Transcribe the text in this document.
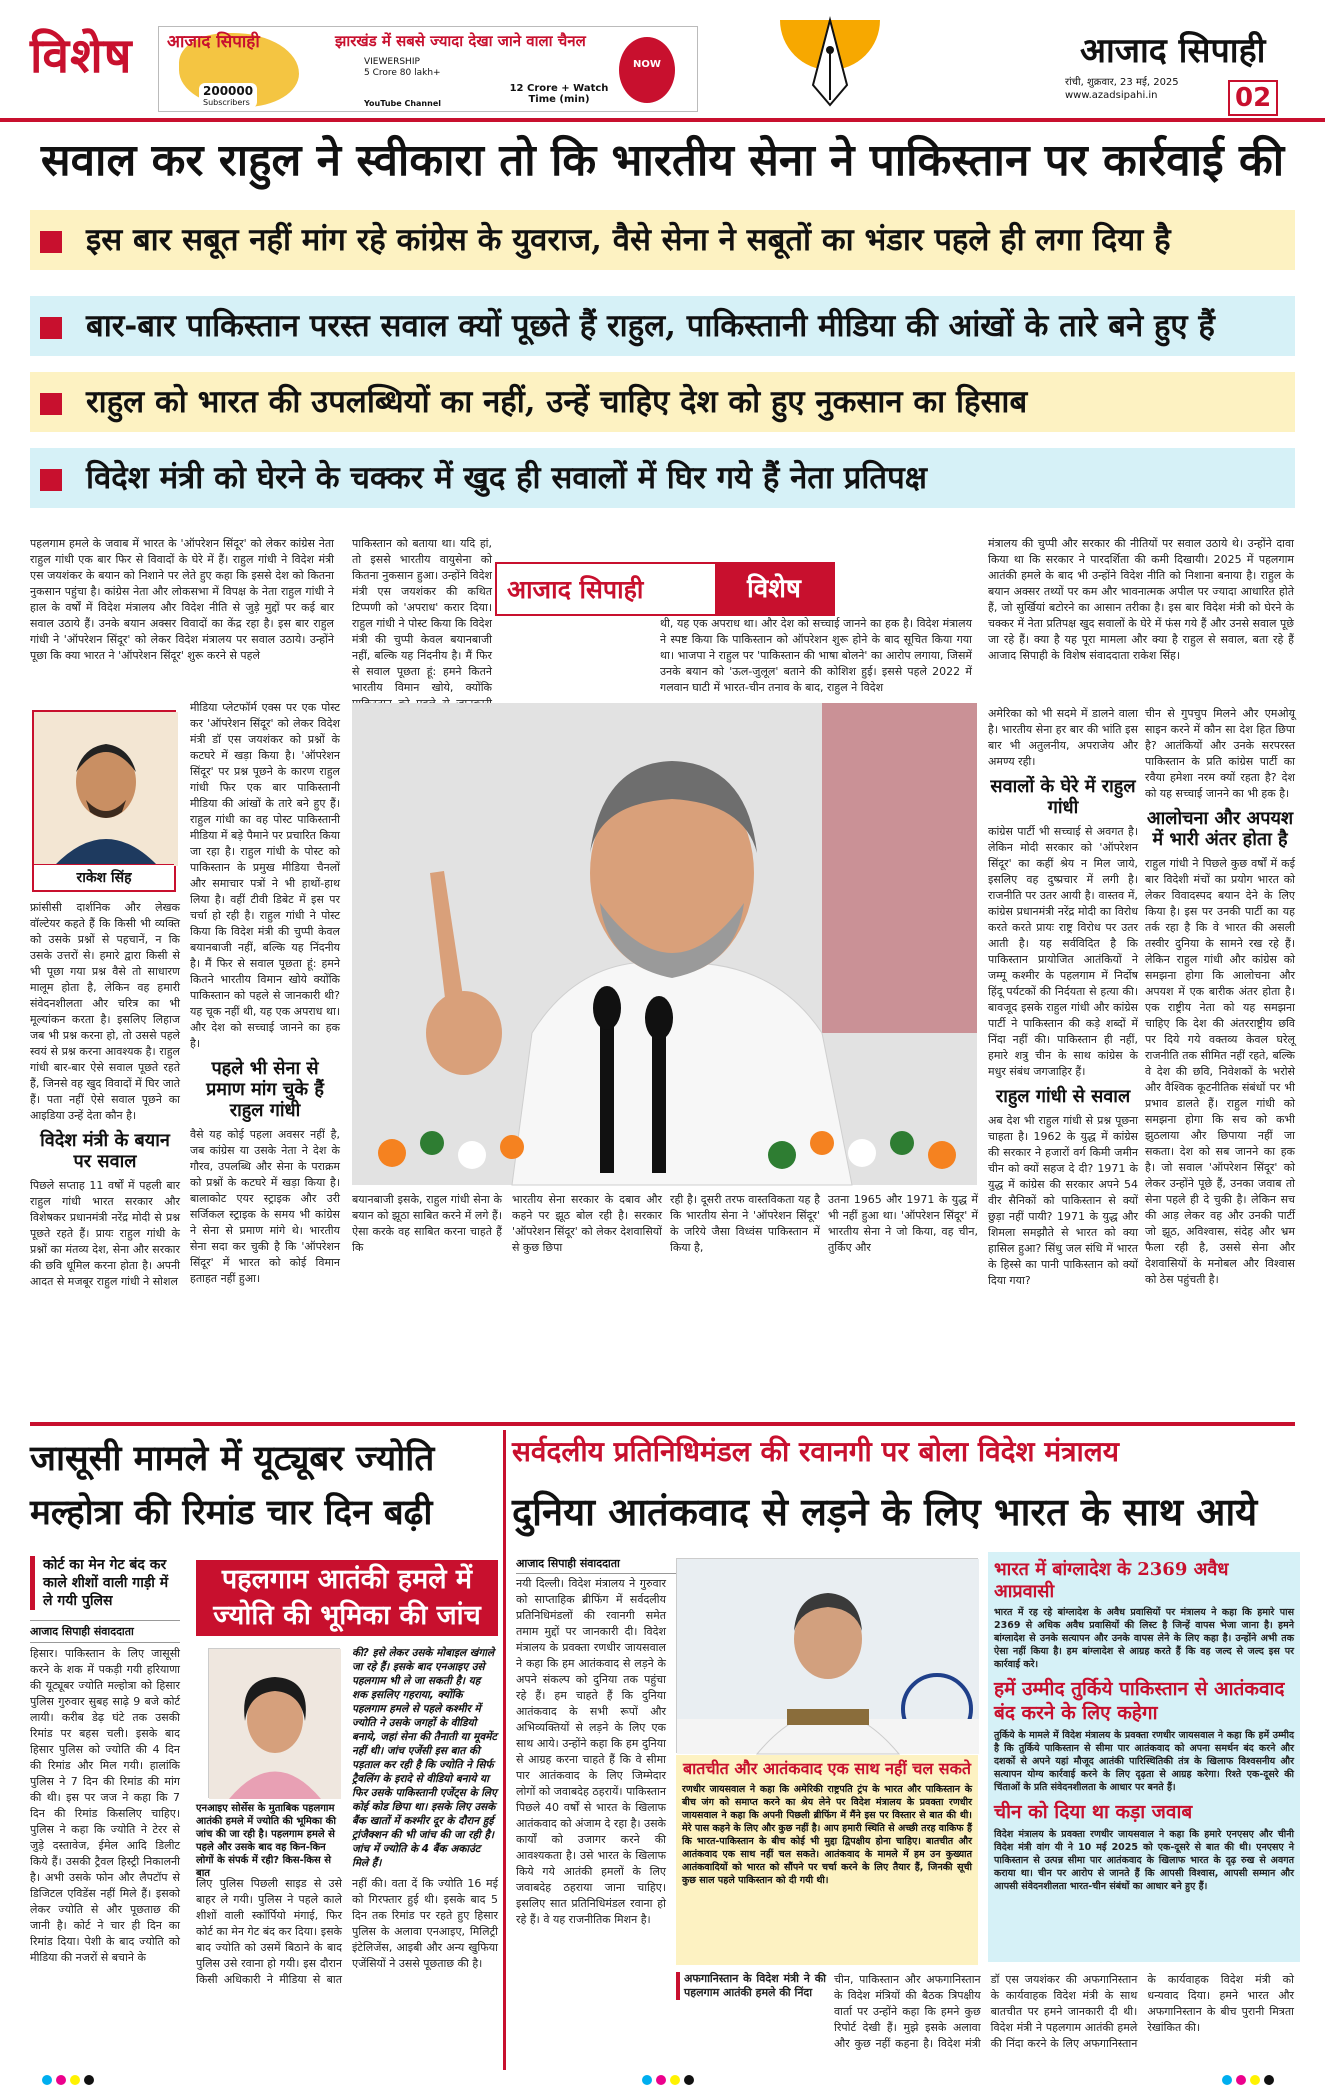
विशेष आजाद सिपाही	झारखंड में सबसे ज्यादा देखा जाने वाला चैनल
VIEWERSHIP
5 Crore 80 lakh+
12 Crore + Watch Time (min)
200000
Subscribers	YouTube Channel
NOW	आजाद सिपाही
रांची, शुक्रवार, 23 मई, 2025
www.azadsipahi.in	02
सवाल कर राहुल ने स्वीकारा तो कि भारतीय सेना ने पाकिस्तान पर कार्रवाई की
इस बार सबूत नहीं मांग रहे कांग्रेस के युवराज, वैसे सेना ने सबूतों का भंडार पहले ही लगा दिया है
बार-बार पाकिस्तान परस्त सवाल क्यों पूछते हैं राहुल, पाकिस्तानी मीडिया की आंखों के तारे बने हुए हैं
राहुल को भारत की उपलब्धियों का नहीं, उन्हें चाहिए देश को हुए नुकसान का हिसाब
विदेश मंत्री को घेरने के चक्कर में खुद ही सवालों में घिर गये हैं नेता प्रतिपक्ष
पहलगाम हमले के जवाब में भारत के 'ऑपरेशन सिंदूर' को लेकर कांग्रेस नेता राहुल गांधी एक बार फिर से विवादों के घेरे में हैं। राहुल गांधी ने विदेश मंत्री एस जयशंकर के बयान को निशाने पर लेते हुए कहा कि इससे देश को कितना नुकसान पहुंचा है। कांग्रेस नेता और लोकसभा में विपक्ष के नेता राहुल गांधी ने हाल के वर्षों में विदेश मंत्रालय और विदेश नीति से जुड़े मुद्दों पर कई बार सवाल उठाये हैं। उनके बयान अक्सर विवादों का केंद्र रहा है। इस बार राहुल गांधी ने 'ऑपरेशन सिंदूर' को लेकर विदेश मंत्रालय पर सवाल उठाये। उन्होंने पूछा कि क्या भारत ने 'ऑपरेशन सिंदूर' शुरू करने से पहले
पाकिस्तान को बताया था। यदि हां, तो इससे भारतीय वायुसेना को कितना नुकसान हुआ। उन्होंने विदेश मंत्री एस जयशंकर की कथित टिप्पणी को 'अपराध' करार दिया। राहुल गांधी ने पोस्ट किया कि विदेश मंत्री की चुप्पी केवल बयानबाजी नहीं, बल्कि यह निंदनीय है। मैं फिर से सवाल पूछता हूं: हमने कितने भारतीय विमान खोये, क्योंकि
थी, यह एक अपराध था। और देश को सच्चाई जानने का हक है। विदेश मंत्रालय ने स्पष्ट किया कि पाकिस्तान को ऑपरेशन शुरू होने के बाद सूचित किया गया था। भाजपा ने राहुल पर 'पाकिस्तान की भाषा बोलने' का आरोप लगाया, जिसमें उनके बयान को 'ऊल-जुलूल' बताने की कोशिश हुई। इससे पहले 2022 में गलवान घाटी में भारत-चीन तनाव के बाद, राहुल ने विदेश
मंत्रालय की चुप्पी और सरकार की नीतियों पर सवाल उठाये थे। उन्होंने दावा किया था कि सरकार ने पारदर्शिता की कमी दिखायी। 2025 में पहलगाम आतंकी हमले के बाद भी उन्होंने विदेश नीति को निशाना बनाया है। राहुल के बयान अक्सर तथ्यों पर कम और भावनात्मक अपील पर ज्यादा आधारित होते हैं, जो सुर्खियां बटोरने का आसान तरीका है। इस बार विदेश मंत्री को घेरने के चक्कर में नेता प्रतिपक्ष खुद सवालों के घेरे में फंस गये हैं और उनसे सवाल पूछे जा रहे हैं। क्या है यह पूरा मामला और क्या है राहुल से सवाल, बता रहे हैं आजाद सिपाही के विशेष संवाददाता राकेश सिंह।
आजाद सिपाही	विशेष
राकेश सिंह

फ्रांसीसी दार्शनिक और लेखक वॉल्टेयर कहते हैं कि किसी भी व्यक्ति को उसके प्रश्नों से पहचानें, न कि उसके उत्तरों से। हमारे द्वारा किसी से भी पूछा गया प्रश्न वैसे तो साधारण मालूम होता है, लेकिन वह हमारी संवेदनशीलता और चरित्र का भी मूल्यांकन करता है। इसलिए लिहाज जब भी प्रश्न करना हो, तो उससे पहले स्वयं से प्रश्न करना आवश्यक है। राहुल गांधी बार-बार ऐसे सवाल पूछते रहते हैं, जिनसे वह खुद विवादों में घिर जाते हैं। पता नहीं ऐसे सवाल पूछने का आइडिया उन्हें देता कौन है।

विदेश मंत्री के बयान पर सवाल

पिछले सप्ताह 11 वर्षों में पहली बार राहुल गांधी भारत सरकार और विशेषकर प्रधानमंत्री नरेंद्र मोदी से प्रश्न पूछते रहते हैं। प्रायः राहुल गांधी के प्रश्नों का मंतव्य देश, सेना और सरकार की छवि धूमिल करना होता है। अपनी आदत से मजबूर राहुल गांधी ने सोशल

मीडिया प्लेटफॉर्म एक्स पर एक पोस्ट कर 'ऑपरेशन सिंदूर' को लेकर विदेश मंत्री डॉ एस जयशंकर को प्रश्नों के कटघरे में खड़ा किया है। 'ऑपरेशन सिंदूर' पर प्रश्न पूछने के कारण राहुल गांधी फिर एक बार पाकिस्तानी मीडिया की आंखों के तारे बने हुए हैं। राहुल गांधी का वह पोस्ट पाकिस्तानी मीडिया में बड़े पैमाने पर प्रचारित किया जा रहा है। राहुल गांधी के पोस्ट को पाकिस्तान के प्रमुख मीडिया चैनलों और समाचार पत्रों ने भी हाथों-हाथ लिया है। वहीं टीवी डिबेट में इस पर चर्चा हो रही है। राहुल गांधी ने पोस्ट किया कि विदेश मंत्री की चुप्पी केवल बयानबाजी नहीं, बल्कि यह निंदनीय है। मैं फिर से सवाल पूछता हूं: हमने कितने भारतीय विमान खोये क्योंकि पाकिस्तान को पहले से जानकारी थी? यह चूक नहीं थी, यह एक अपराध था। और देश को सच्चाई जानने का हक है।

पहले भी सेना से प्रमाण मांग चुके हैं राहुल गांधी

वैसे यह कोई पहला अवसर नहीं है, जब कांग्रेस या उसके नेता ने देश के गौरव, उपलब्धि और सेना के पराक्रम को प्रश्नों के कटघरे में खड़ा किया है। बालाकोट एयर स्ट्राइक और उरी सर्जिकल स्ट्राइक के समय भी कांग्रेस ने सेना से प्रमाण मांगे थे। भारतीय सेना सदा कर चुकी है कि 'ऑपरेशन सिंदूर' में भारत को कोई विमान हताहत नहीं हुआ।

बयानबाजी इसके, राहुल गांधी सेना के बयान को झूठा साबित करने में लगे हैं। ऐसा करके वह साबित करना चाहते हैं कि
भारतीय सेना सरकार के दबाव और कहने पर झूठ बोल रही है। सरकार 'ऑपरेशन सिंदूर' को लेकर देशवासियों से कुछ छिपा
रही है। दूसरी तरफ वास्तविकता यह है कि भारतीय सेना ने 'ऑपरेशन सिंदूर' के जरिये जैसा विध्वंस पाकिस्तान में किया है,
उतना 1965 और 1971 के युद्ध में भी नहीं हुआ था। 'ऑपरेशन सिंदूर' में भारतीय सेना ने जो किया, वह चीन, तुर्किए और

अमेरिका को भी सदमे में डालने वाला है। भारतीय सेना हर बार की भांति इस बार भी अतुलनीय, अपराजेय और अमण्य रही।

सवालों के घेरे में राहुल गांधी

कांग्रेस पार्टी भी सच्चाई से अवगत है। लेकिन मोदी सरकार को 'ऑपरेशन सिंदूर' का कहीं श्रेय न मिल जाये, इसलिए वह दुष्प्रचार में लगी है। राजनीति पर उतर आयी है। वास्तव में, कांग्रेस प्रधानमंत्री नरेंद्र मोदी का विरोध करते करते प्रायः राष्ट्र विरोध पर उतर आती है। यह सर्वविदित है कि पाकिस्तान प्रायोजित आतंकियों ने जम्मू कश्मीर के पहलगाम में निर्दोष हिंदू पर्यटकों की निर्दयता से हत्या की। बावजूद इसके राहुल गांधी और कांग्रेस पार्टी ने पाकिस्तान की कड़े शब्दों में निंदा नहीं की। पाकिस्तान ही नहीं, हमारे शत्रु चीन के साथ कांग्रेस के मधुर संबंध जगजाहिर हैं।

राहुल गांधी से सवाल

अब देश भी राहुल गांधी से प्रश्न पूछना चाहता है। 1962 के युद्ध में कांग्रेस की सरकार ने हजारों वर्ग किमी जमीन चीन को क्यों सहज दे दी? 1971 के युद्ध में कांग्रेस की सरकार अपने 54 वीर सैनिकों को पाकिस्तान से क्यों छुड़ा नहीं पायी? 1971 के युद्ध और शिमला समझौते से भारत को क्या हासिल हुआ? सिंधु जल संधि में भारत के हिस्से का पानी पाकिस्तान को क्यों दिया गया?

चीन से गुपचुप मिलने और एमओयू साइन करने में कौन सा देश हित छिपा है? आतंकियों और उनके सरपरस्त पाकिस्तान के प्रति कांग्रेस पार्टी का रवैया हमेशा नरम क्यों रहता है? देश को यह सच्चाई जानने का भी हक है।

आलोचना और अपयश में भारी अंतर होता है

राहुल गांधी ने पिछले कुछ वर्षों में कई बार विदेशी मंचों का प्रयोग भारत को लेकर विवादस्पद बयान देने के लिए किया है। इस पर उनकी पार्टी का यह तर्क रहा है कि वे भारत की असली तस्वीर दुनिया के सामने रख रहे हैं। लेकिन राहुल गांधी और कांग्रेस को समझना होगा कि आलोचना और अपयश में एक बारीक अंतर होता है। एक राष्ट्रीय नेता को यह समझना चाहिए कि देश की अंतरराष्ट्रीय छवि पर दिये गये वक्तव्य केवल घरेलू राजनीति तक सीमित नहीं रहते, बल्कि वे देश की छवि, निवेशकों के भरोसे और वैश्विक कूटनीतिक संबंधों पर भी प्रभाव डालते हैं। राहुल गांधी को समझना होगा कि सच को कभी झुठलाया और छिपाया नहीं जा सकता। देश को सब जानने का हक है। जो सवाल 'ऑपरेशन सिंदूर' को लेकर उन्होंने पूछे हैं, उनका जवाब तो सेना पहले ही दे चुकी है। लेकिन सच की आड़ लेकर वह और उनकी पार्टी जो झूठ, अविश्वास, संदेह और भ्रम फैला रही है, उससे सेना और देशवासियों के मनोबल और विश्वास को ठेस पहुंचती है।

जासूसी मामले में यूट्यूबर ज्योति
मल्होत्रा की रिमांड चार दिन बढ़ी
कोर्ट का मेन गेट बंद कर काले शीशों वाली गाड़ी में ले गयी पुलिस
आजाद सिपाही संवाददाता
हिसार। पाकिस्तान के लिए जासूसी करने के शक में पकड़ी गयी हरियाणा की यूट्यूबर ज्योति मल्होत्रा को हिसार पुलिस गुरुवार सुबह साढ़े 9 बजे कोर्ट लायी। करीब डेढ़ घंटे तक उसकी रिमांड पर बहस चली। इसके बाद हिसार पुलिस को ज्योति की 4 दिन की रिमांड और मिल गयी। हालांकि पुलिस ने 7 दिन की रिमांड की मांग की थी। इस पर जज ने कहा कि 7 दिन की रिमांड किसलिए चाहिए। पुलिस ने कहा कि ज्योति ने टेरर से जुड़े दस्तावेज, ईमेल आदि डिलीट किये हैं। उसकी ट्रैवल हिस्ट्री निकालनी है। अभी उसके फोन और लैपटॉप से डिजिटल एविडेंस नहीं मिले हैं। इसको लेकर ज्योति से और पूछताछ की जानी है। कोर्ट ने चार ही दिन का रिमांड दिया। पेशी के बाद ज्योति को मीडिया की नजरों से बचाने के
पहलगाम आतंकी हमले में ज्योति की भूमिका की जांच
एनआइए सोर्सेस के मुताबिक पहलगाम आतंकी हमले में ज्योति की भूमिका की जांच की जा रही है। पहलगाम हमले से पहले और उसके बाद वह किन-किन लोगों के संपर्क में रही? किस-किस से बात
की? इसे लेकर उसके मोबाइल खंगाले जा रहे हैं। इसके बाद एनआइए उसे पहलगाम भी ले जा सकती है। यह शक इसलिए गहराया, क्योंकि पहलगाम हमले से पहले कश्मीर में ज्योति ने उसके जगहों के वीडियो बनाये, जहां सेना की तैनाती या मूवमेंट नहीं थी। जांच एजेंसी इस बात की पड़ताल कर रही है कि ज्योति ने सिर्फ ट्रैवलिंग के इरादे से वीडियो बनाये या फिर उसके पाकिस्तानी एजेंट्स के लिए कोई कोड छिपा था। इसके लिए उसके बैंक खातों में कश्मीर दूर के दौरान हुई ट्रांजैक्शन की भी जांच की जा रही है। जांच में ज्योति के 4 बैंक अकाउंट मिले हैं।
लिए पुलिस पिछली साइड से उसे बाहर ले गयी। पुलिस ने पहले काले शीशों वाली स्कॉर्पियो मंगाई, फिर कोर्ट का मेन गेट बंद कर दिया। इसके बाद ज्योति को उसमें बिठाने के बाद पुलिस उसे रवाना हो गयी। इस दौरान किसी अधिकारी ने मीडिया से बात नहीं की। वता दें कि ज्योति 16 मई को गिरफ्तार हुई थी। इसके बाद 5 दिन तक रिमांड पर रहते हुए हिसार पुलिस के अलावा एनआइए, मिलिट्री इंटेलिजेंस, आइबी और अन्य खुफिया एजेंसियों ने उससे पूछताछ की है।
सर्वदलीय प्रतिनिधिमंडल की रवानगी पर बोला विदेश मंत्रालय
दुनिया आतंकवाद से लड़ने के लिए भारत के साथ आये
आजाद सिपाही संवाददाता
नयी दिल्ली। विदेश मंत्रालय ने गुरुवार को साप्ताहिक ब्रीफिंग में सर्वदलीय प्रतिनिधिमंडलों की रवानगी समेत तमाम मुद्दों पर जानकारी दी। विदेश मंत्रालय के प्रवक्ता रणधीर जायसवाल ने कहा कि हम आतंकवाद से लड़ने के अपने संकल्प को दुनिया तक पहुंचा रहे हैं। हम चाहते हैं कि दुनिया आतंकवाद के सभी रूपों और अभिव्यक्तियों से लड़ने के लिए एक साथ आये। उन्होंने कहा कि हम दुनिया से आग्रह करना चाहते हैं कि वे सीमा पार आतंकवाद के लिए जिम्मेदार लोगों को जवाबदेह ठहरायें। पाकिस्तान पिछले 40 वर्षों से भारत के खिलाफ आतंकवाद को अंजाम दे रहा है। उसके कार्यों को उजागर करने की आवश्यकता है। उसे भारत के खिलाफ किये गये आतंकी हमलों के लिए जवाबदेह ठहराया जाना चाहिए। इसलिए सात प्रतिनिधिमंडल रवाना हो रहे हैं। वे यह राजनीतिक मिशन है।
बातचीत और आतंकवाद एक साथ नहीं चल सकते
रणधीर जायसवाल ने कहा कि अमेरिकी राष्ट्रपति ट्रंप के भारत और पाकिस्तान के बीच जंग को समाप्त करने का श्रेय लेने पर विदेश मंत्रालय के प्रवक्ता रणधीर जायसवाल ने कहा कि अपनी पिछली ब्रीफिंग में मैंने इस पर विस्तार से बात की थी। मेरे पास कहने के लिए और कुछ नहीं है। आप हमारी स्थिति से अच्छी तरह वाकिफ हैं कि भारत-पाकिस्तान के बीच कोई भी मुद्दा द्विपक्षीय होना चाहिए। बातचीत और आतंकवाद एक साथ नहीं चल सकते। आतंकवाद के मामले में हम उन कुख्यात आतंकवादियों को भारत को सौंपने पर चर्चा करने के लिए तैयार हैं, जिनकी सूची कुछ साल पहले पाकिस्तान को दी गयी थी।
भारत में बांग्लादेश के 2369 अवैध आप्रवासी

भारत में रह रहे बांग्लादेश के अवैध प्रवासियों पर मंत्रालय ने कहा कि हमारे पास 2369 से अधिक अवैध प्रवासियों की लिस्ट है जिन्हें वापस भेजा जाना है। हमने बांग्लादेश से उनके सत्यापन और उनके वापस लेने के लिए कहा है। उन्होंने अभी तक ऐसा नहीं किया है। हम बांग्लादेश से आग्रह करते हैं कि वह जल्द से जल्द इस पर कार्रवाई करे।

हमें उम्मीद तुर्किये पाकिस्तान से आतंकवाद बंद करने के लिए कहेगा

तुर्किये के मामले में विदेश मंत्रालय के प्रवक्ता रणधीर जायसवाल ने कहा कि हमें उम्मीद है कि तुर्किये पाकिस्तान से सीमा पार आतंकवाद को अपना समर्थन बंद करने और दशकों से अपने यहां मौजूद आतंकी पारिस्थितिकी तंत्र के खिलाफ विश्वसनीय और सत्यापन योग्य कार्रवाई करने के लिए दृढ़ता से आग्रह करेगा। रिश्ते एक-दूसरे की चिंताओं के प्रति संवेदनशीलता के आधार पर बनते हैं।

चीन को दिया था कड़ा जवाब

विदेश मंत्रालय के प्रवक्ता रणधीर जायसवाल ने कहा कि हमारे एनएसए और चीनी विदेश मंत्री वांग यी ने 10 मई 2025 को एक-दूसरे से बात की थी। एनएसए ने पाकिस्तान से उत्पन्न सीमा पार आतंकवाद के खिलाफ भारत के दृढ़ रुख से अवगत कराया था। चीन पर आरोप से जानते हैं कि आपसी विश्वास, आपसी सम्मान और आपसी संवेदनशीलता भारत-चीन संबंधों का आधार बने हुए हैं।

अफगानिस्तान के विदेश मंत्री ने की पहलगाम आतंकी हमले की निंदा
चीन, पाकिस्तान और अफगानिस्तान के विदेश मंत्रियों की बैठक त्रिपक्षीय वार्ता पर उन्होंने कहा कि हमने कुछ रिपोर्ट देखी हैं। मुझे इसके अलावा और कुछ नहीं कहना है। विदेश मंत्री डॉ एस जयशंकर की अफगानिस्तान के कार्यवाहक विदेश मंत्री के साथ बातचीत पर हमने जानकारी दी थी। विदेश मंत्री ने पहलगाम आतंकी हमले की निंदा करने के लिए अफगानिस्तान के कार्यवाहक विदेश मंत्री को धन्यवाद दिया। हमने भारत और अफगानिस्तान के बीच पुरानी मित्रता रेखांकित की।
